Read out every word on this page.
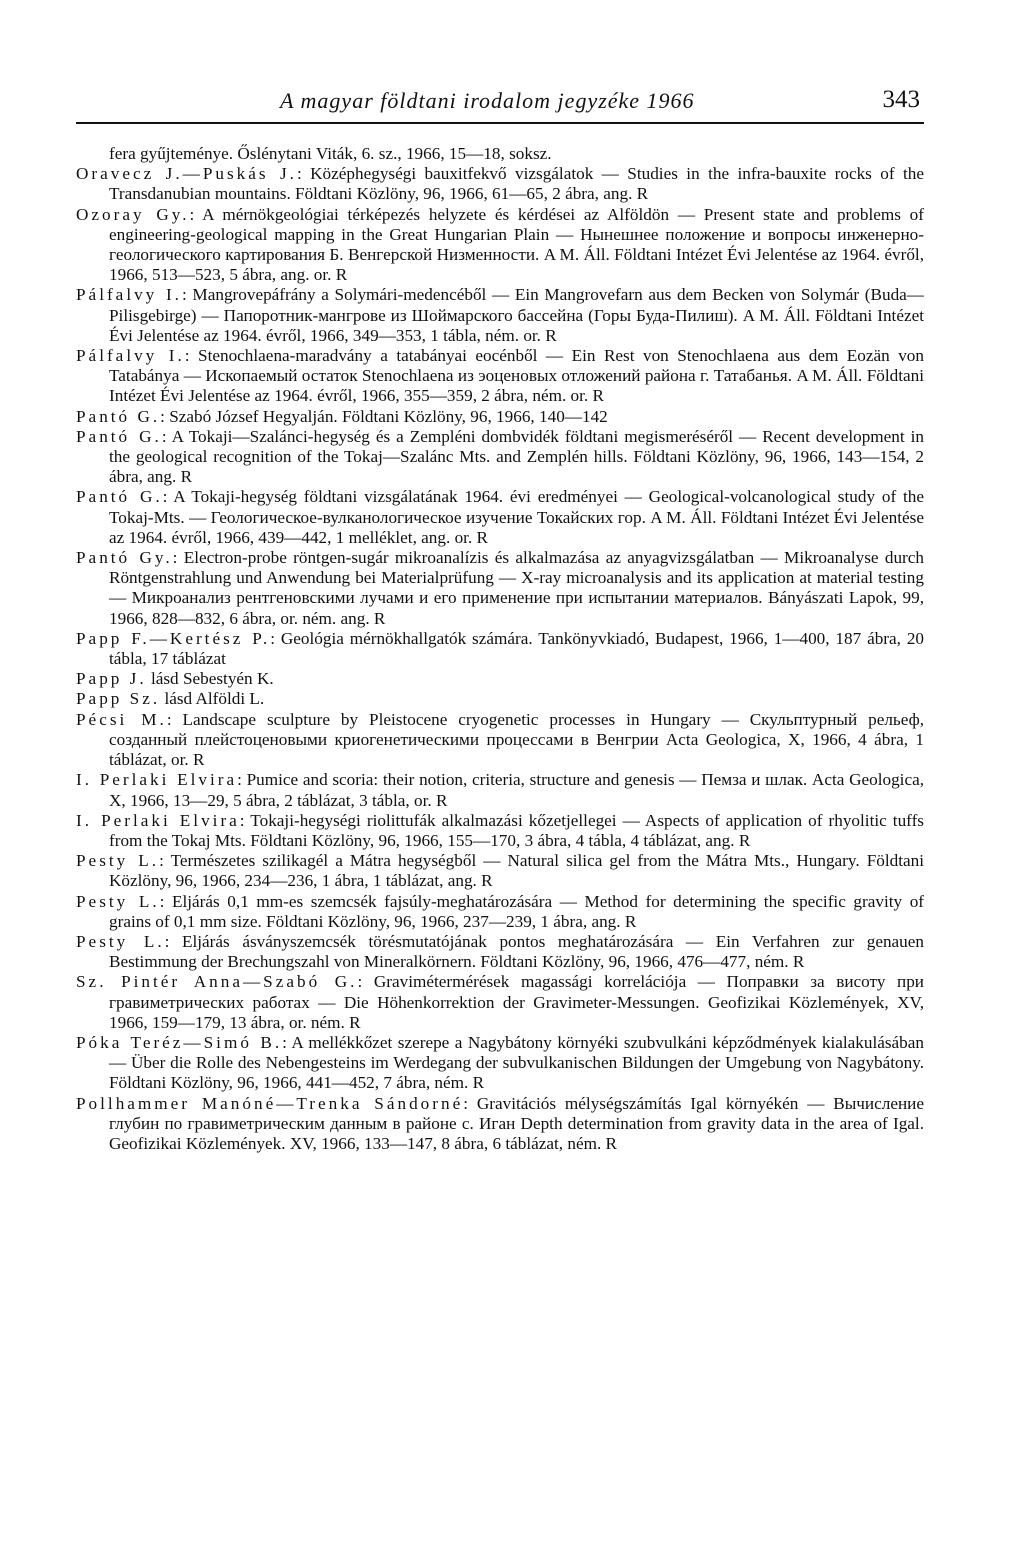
A magyar földtani irodalom jegyzéke 1966	343

fera gyűjteménye. Őslénytani Viták, 6. sz., 1966, 15—18, soksz.

Oravecz J.—Puskás J.: Középhegységi bauxitfekvő vizsgálatok — Studies in the infra-bauxite rocks of the Transdanubian mountains. Földtani Közlöny, 96, 1966, 61—65, 2 ábra, ang. R

Ozoray Gy.: A mérnökgeológiai térképezés helyzete és kérdései az Alföldön — Present state and problems of engineering-geological mapping in the Great Hungarian Plain — Нынешнее положение и вопросы инженерно-геологического картирования Б. Венгерской Низменности. A M. Áll. Földtani Intézet Évi Jelentése az 1964. évről, 1966, 513—523, 5 ábra, ang. or. R

Pálfalvy I.: Mangrovepáfrány a Solymári-medencéből — Ein Mangrovefarn aus dem Becken von Solymár (Buda—Pilisgebirge) — Папоротник-мангрове из Шоймарского бассейна (Горы Буда-Пилиш). A M. Áll. Földtani Intézet Évi Jelentése az 1964. évről, 1966, 349—353, 1 tábla, ném. or. R

Pálfalvy I.: Stenochlaena-maradvány a tatabányai eocénből — Ein Rest von Stenochlaena aus dem Eozän von Tatabánya — Ископаемый остаток Stenochlaena из эоценовых отложений района г. Татабанья. A M. Áll. Földtani Intézet Évi Jelentése az 1964. évről, 1966, 355—359, 2 ábra, ném. or. R

Pantó G.: Szabó József Hegyalján. Földtani Közlöny, 96, 1966, 140—142

Pantó G.: A Tokaji—Szalánci-hegység és a Zempléni dombvidék földtani megismeréséről — Recent development in the geological recognition of the Tokaj—Szalánc Mts. and Zemplén hills. Földtani Közlöny, 96, 1966, 143—154, 2 ábra, ang. R

Pantó G.: A Tokaji-hegység földtani vizsgálatának 1964. évi eredményei — Geological-volcanological study of the Tokaj-Mts. — Геологическое-вулканологическое изучение Токайских гор. A M. Áll. Földtani Intézet Évi Jelentése az 1964. évről, 1966, 439—442, 1 melléklet, ang. or. R

Pantó Gy.: Electron-probe röntgen-sugár mikroanalízis és alkalmazása az anyagvizsgálatban — Mikroanalyse durch Röntgenstrahlung und Anwendung bei Materialprüfung — X-ray microanalysis and its application at material testing — Микроанализ рентгеновскими лучами и его применение при испытании материалов. Bányászati Lapok, 99, 1966, 828—832, 6 ábra, or. ném. ang. R

Papp F.—Kertész P.: Geológia mérnökhallgatók számára. Tankönyvkiadó, Budapest, 1966, 1—400, 187 ábra, 20 tábla, 17 táblázat

Papp J. lásd Sebestyén K.

Papp Sz. lásd Alföldi L.

Pécsi M.: Landscape sculpture by Pleistocene cryogenetic processes in Hungary — Скульптурный рельеф, созданный плейстоценовыми криогенетическими процессами в Венгрии Acta Geologica, X, 1966, 4 ábra, 1 táblázat, or. R

I. Perlaki Elvira: Pumice and scoria: their notion, criteria, structure and genesis — Пемза и шлак. Acta Geologica, X, 1966, 13—29, 5 ábra, 2 táblázat, 3 tábla, or. R

I. Perlaki Elvira: Tokaji-hegységi riolittufák alkalmazási kőzetjellegei — Aspects of application of rhyolitic tuffs from the Tokaj Mts. Földtani Közlöny, 96, 1966, 155—170, 3 ábra, 4 tábla, 4 táblázat, ang. R

Pesty L.: Természetes szilikagél a Mátra hegységből — Natural silica gel from the Mátra Mts., Hungary. Földtani Közlöny, 96, 1966, 234—236, 1 ábra, 1 táblázat, ang. R

Pesty L.: Eljárás 0,1 mm-es szemcsék fajsúly-meghatározására — Method for determining the specific gravity of grains of 0,1 mm size. Földtani Közlöny, 96, 1966, 237—239, 1 ábra, ang. R

Pesty L.: Eljárás ásványszemcsék törésmutatójának pontos meghatározására — Ein Verfahren zur genauen Bestimmung der Brechungszahl von Mineralkörnern. Földtani Közlöny, 96, 1966, 476—477, ném. R

Sz. Pintér Anna—Szabó G.: Gravimétermérések magassági korrelációja — Поправки за висоту при гравиметрических работах — Die Höhenkorrektion der Gravimeter-Messungen. Geofizikai Közlemények, XV, 1966, 159—179, 13 ábra, or. ném. R

Póka Teréz—Simó B.: A mellékkőzet szerepe a Nagybátony környéki szubvulkáni képződmények kialakulásában — Über die Rolle des Nebengesteins im Werdegang der subvulkanischen Bildungen der Umgebung von Nagybátony. Földtani Közlöny, 96, 1966, 441—452, 7 ábra, ném. R

Pollhammer Manóné—Trenka Sándorné: Gravitációs mélységszámítás Igal környékén — Вычисление глубин по гравиметрическим данным в районе с. Иган Depth determination from gravity data in the area of Igal. Geofizikai Közlemények. XV, 1966, 133—147, 8 ábra, 6 táblázat, ném. R
